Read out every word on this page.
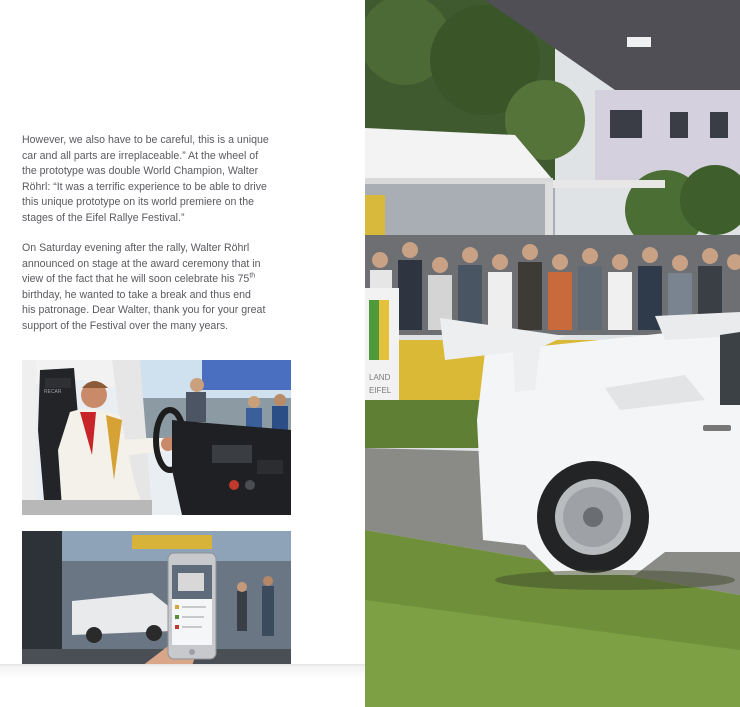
However, we also have to be careful, this is a unique
car and all parts are irreplaceable.” At the wheel of
the prototype was double World Champion, Walter
Röhrl: “It was a terrific experience to be able to drive
this unique prototype on its world premiere on the
stages of the Eifel Rallye Festival.”

On Saturday evening after the rally, Walter Röhrl
announced on stage at the award ceremony that in
view of the fact that he will soon celebrate his 75th
birthday, he wanted to take a break and thus end
his patronage. Dear Walter, thank you for your great
support of the Festival over the many years.

RECAR
LAND
EIFEL
